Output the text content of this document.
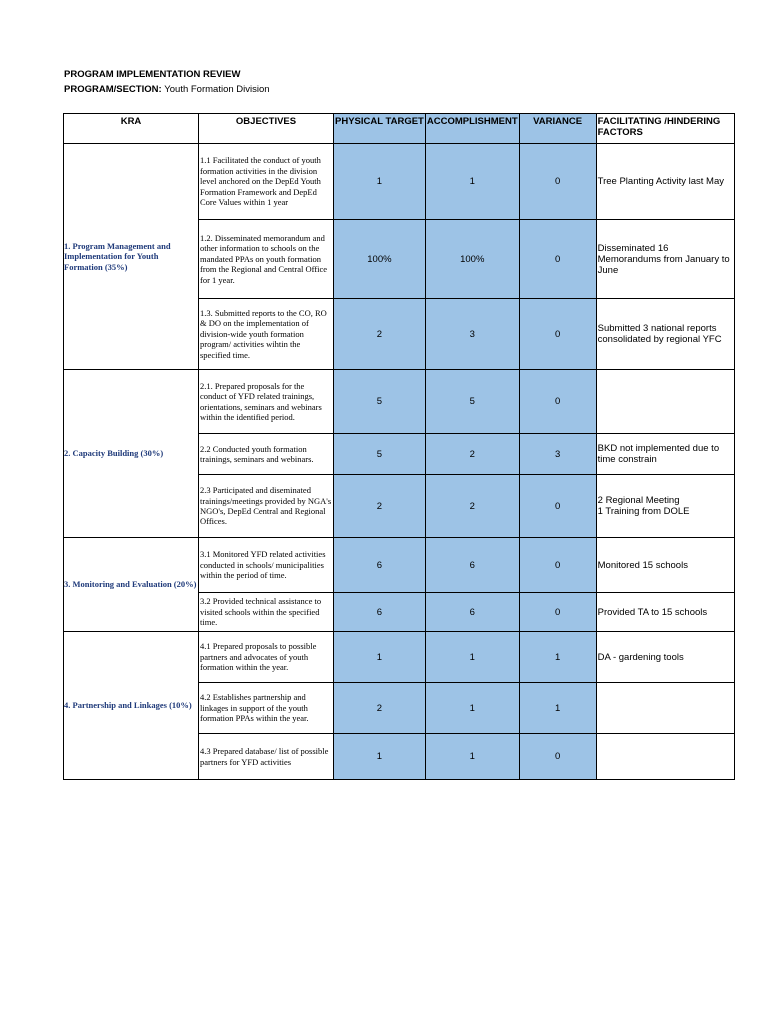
PROGRAM IMPLEMENTATION REVIEW
PROGRAM/SECTION: Youth Formation Division
KRA	OBJECTIVES	PHYSICAL TARGET	ACCOMPLISHMENT	VARIANCE	FACILITATING /HINDERING FACTORS
1. Program Management and Implementation for Youth Formation (35%)	1.1 Facilitated the conduct of youth formation activities in the division level anchored on the DepEd Youth Formation Framework and DepEd Core Values within 1 year	1	1	0	Tree Planting Activity last May
	1.2. Disseminated memorandum and other information to schools on the mandated PPAs on youth formation from the Regional and Central Office for 1 year.	100%	100%	0	Disseminated 16 Memorandums from January to June
	1.3. Submitted reports to the CO, RO & DO on the implementation of division-wide youth formation program/ activities wihtin the specified time.	2	3	0	Submitted 3 national reports consolidated by regional YFC
2. Capacity Building (30%)	2.1. Prepared proposals for the conduct of YFD related trainings, orientations, seminars and webinars within the identified period.	5	5	0	
	2.2 Conducted youth formation trainings, seminars and webinars.	5	2	3	BKD not implemented due to time constrain
	2.3 Participated and diseminated trainings/meetings provided by NGA's NGO's, DepEd Central and Regional Offices.	2	2	0	2 Regional Meeting
1 Training from DOLE
3. Monitoring and Evaluation (20%)	3.1 Monitored YFD related activities conducted in schools/ municipalities within the period of time.	6	6	0	Monitored 15 schools
	3.2 Provided technical assistance to visited schools within the specified time.	6	6	0	Provided TA to 15 schools
4. Partnership and Linkages (10%)	4.1 Prepared proposals to possible partners and advocates of youth formation within the year.	1	1	1	DA - gardening tools
	4.2 Establishes partnership and linkages in support of the youth formation PPAs within the year.	2	1	1	
	4.3 Prepared database/ list of possible partners for YFD activities	1	1	0	
